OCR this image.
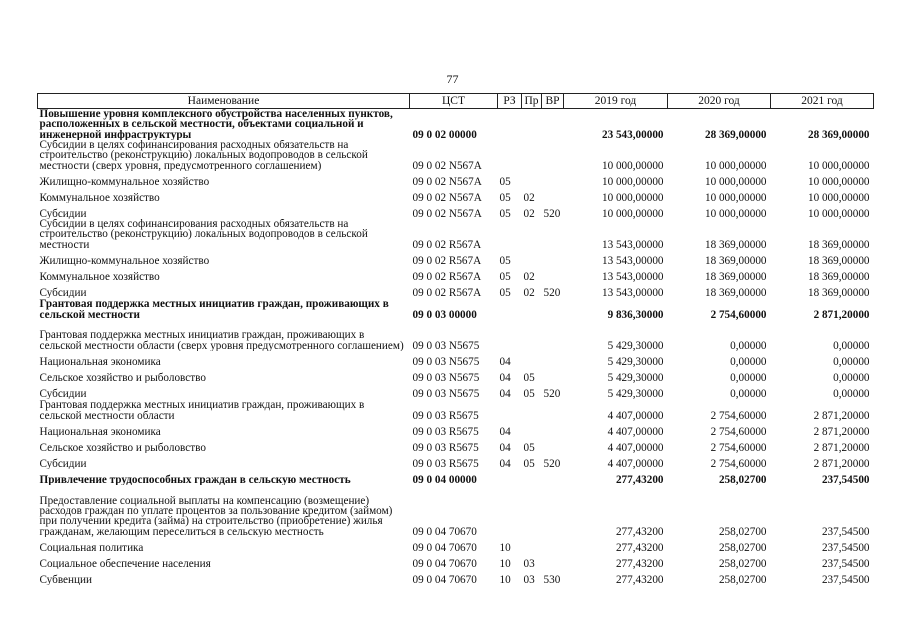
77
Наименование	ЦСТ	РЗ	Пр	ВР	2019 год	2020 год	2021 год
Повышение уровня комплексного обустройства населенных пунктов, расположенных в сельской местности, объектами социальной и инженерной инфраструктуры	09 0 02 00000				23 543,00000	28 369,00000	28 369,00000
Субсидии в целях софинансирования расходных обязательств на строительство (реконструкцию) локальных водопроводов в сельской местности (сверх уровня, предусмотренного соглашением)	09 0 02 N567A				10 000,00000	10 000,00000	10 000,00000
Жилищно-коммунальное хозяйство	09 0 02 N567A	05			10 000,00000	10 000,00000	10 000,00000
Коммунальное хозяйство	09 0 02 N567A	05	02		10 000,00000	10 000,00000	10 000,00000
Субсидии	09 0 02 N567A	05	02	520	10 000,00000	10 000,00000	10 000,00000
Субсидии в целях софинансирования расходных обязательств на строительство (реконструкцию) локальных водопроводов в сельской местности	09 0 02 R567A				13 543,00000	18 369,00000	18 369,00000
Жилищно-коммунальное хозяйство	09 0 02 R567A	05			13 543,00000	18 369,00000	18 369,00000
Коммунальное хозяйство	09 0 02 R567A	05	02		13 543,00000	18 369,00000	18 369,00000
Субсидии	09 0 02 R567A	05	02	520	13 543,00000	18 369,00000	18 369,00000
Грантовая поддержка местных инициатив граждан, проживающих в сельской местности	09 0 03 00000				9 836,30000	2 754,60000	2 871,20000
Грантовая поддержка местных инициатив граждан, проживающих в сельской местности области (сверх уровня предусмотренного соглашением)	09 0 03 N5675				5 429,30000	0,00000	0,00000
Национальная экономика	09 0 03 N5675	04			5 429,30000	0,00000	0,00000
Сельское хозяйство и рыболовство	09 0 03 N5675	04	05		5 429,30000	0,00000	0,00000
Субсидии	09 0 03 N5675	04	05	520	5 429,30000	0,00000	0,00000
Грантовая поддержка местных инициатив граждан, проживающих в сельской местности области	09 0 03 R5675				4 407,00000	2 754,60000	2 871,20000
Национальная экономика	09 0 03 R5675	04			4 407,00000	2 754,60000	2 871,20000
Сельское хозяйство и рыболовство	09 0 03 R5675	04	05		4 407,00000	2 754,60000	2 871,20000
Субсидии	09 0 03 R5675	04	05	520	4 407,00000	2 754,60000	2 871,20000
Привлечение трудоспособных граждан в сельскую местность	09 0 04 00000				277,43200	258,02700	237,54500
Предоставление социальной выплаты на компенсацию (возмещение) расходов граждан по уплате процентов за пользование кредитом (займом) при получении кредита (займа) на строительство (приобретение) жилья гражданам, желающим переселиться в сельскую местность	09 0 04 70670				277,43200	258,02700	237,54500
Социальная политика	09 0 04 70670	10			277,43200	258,02700	237,54500
Социальное обеспечение населения	09 0 04 70670	10	03		277,43200	258,02700	237,54500
Субвенции	09 0 04 70670	10	03	530	277,43200	258,02700	237,54500
